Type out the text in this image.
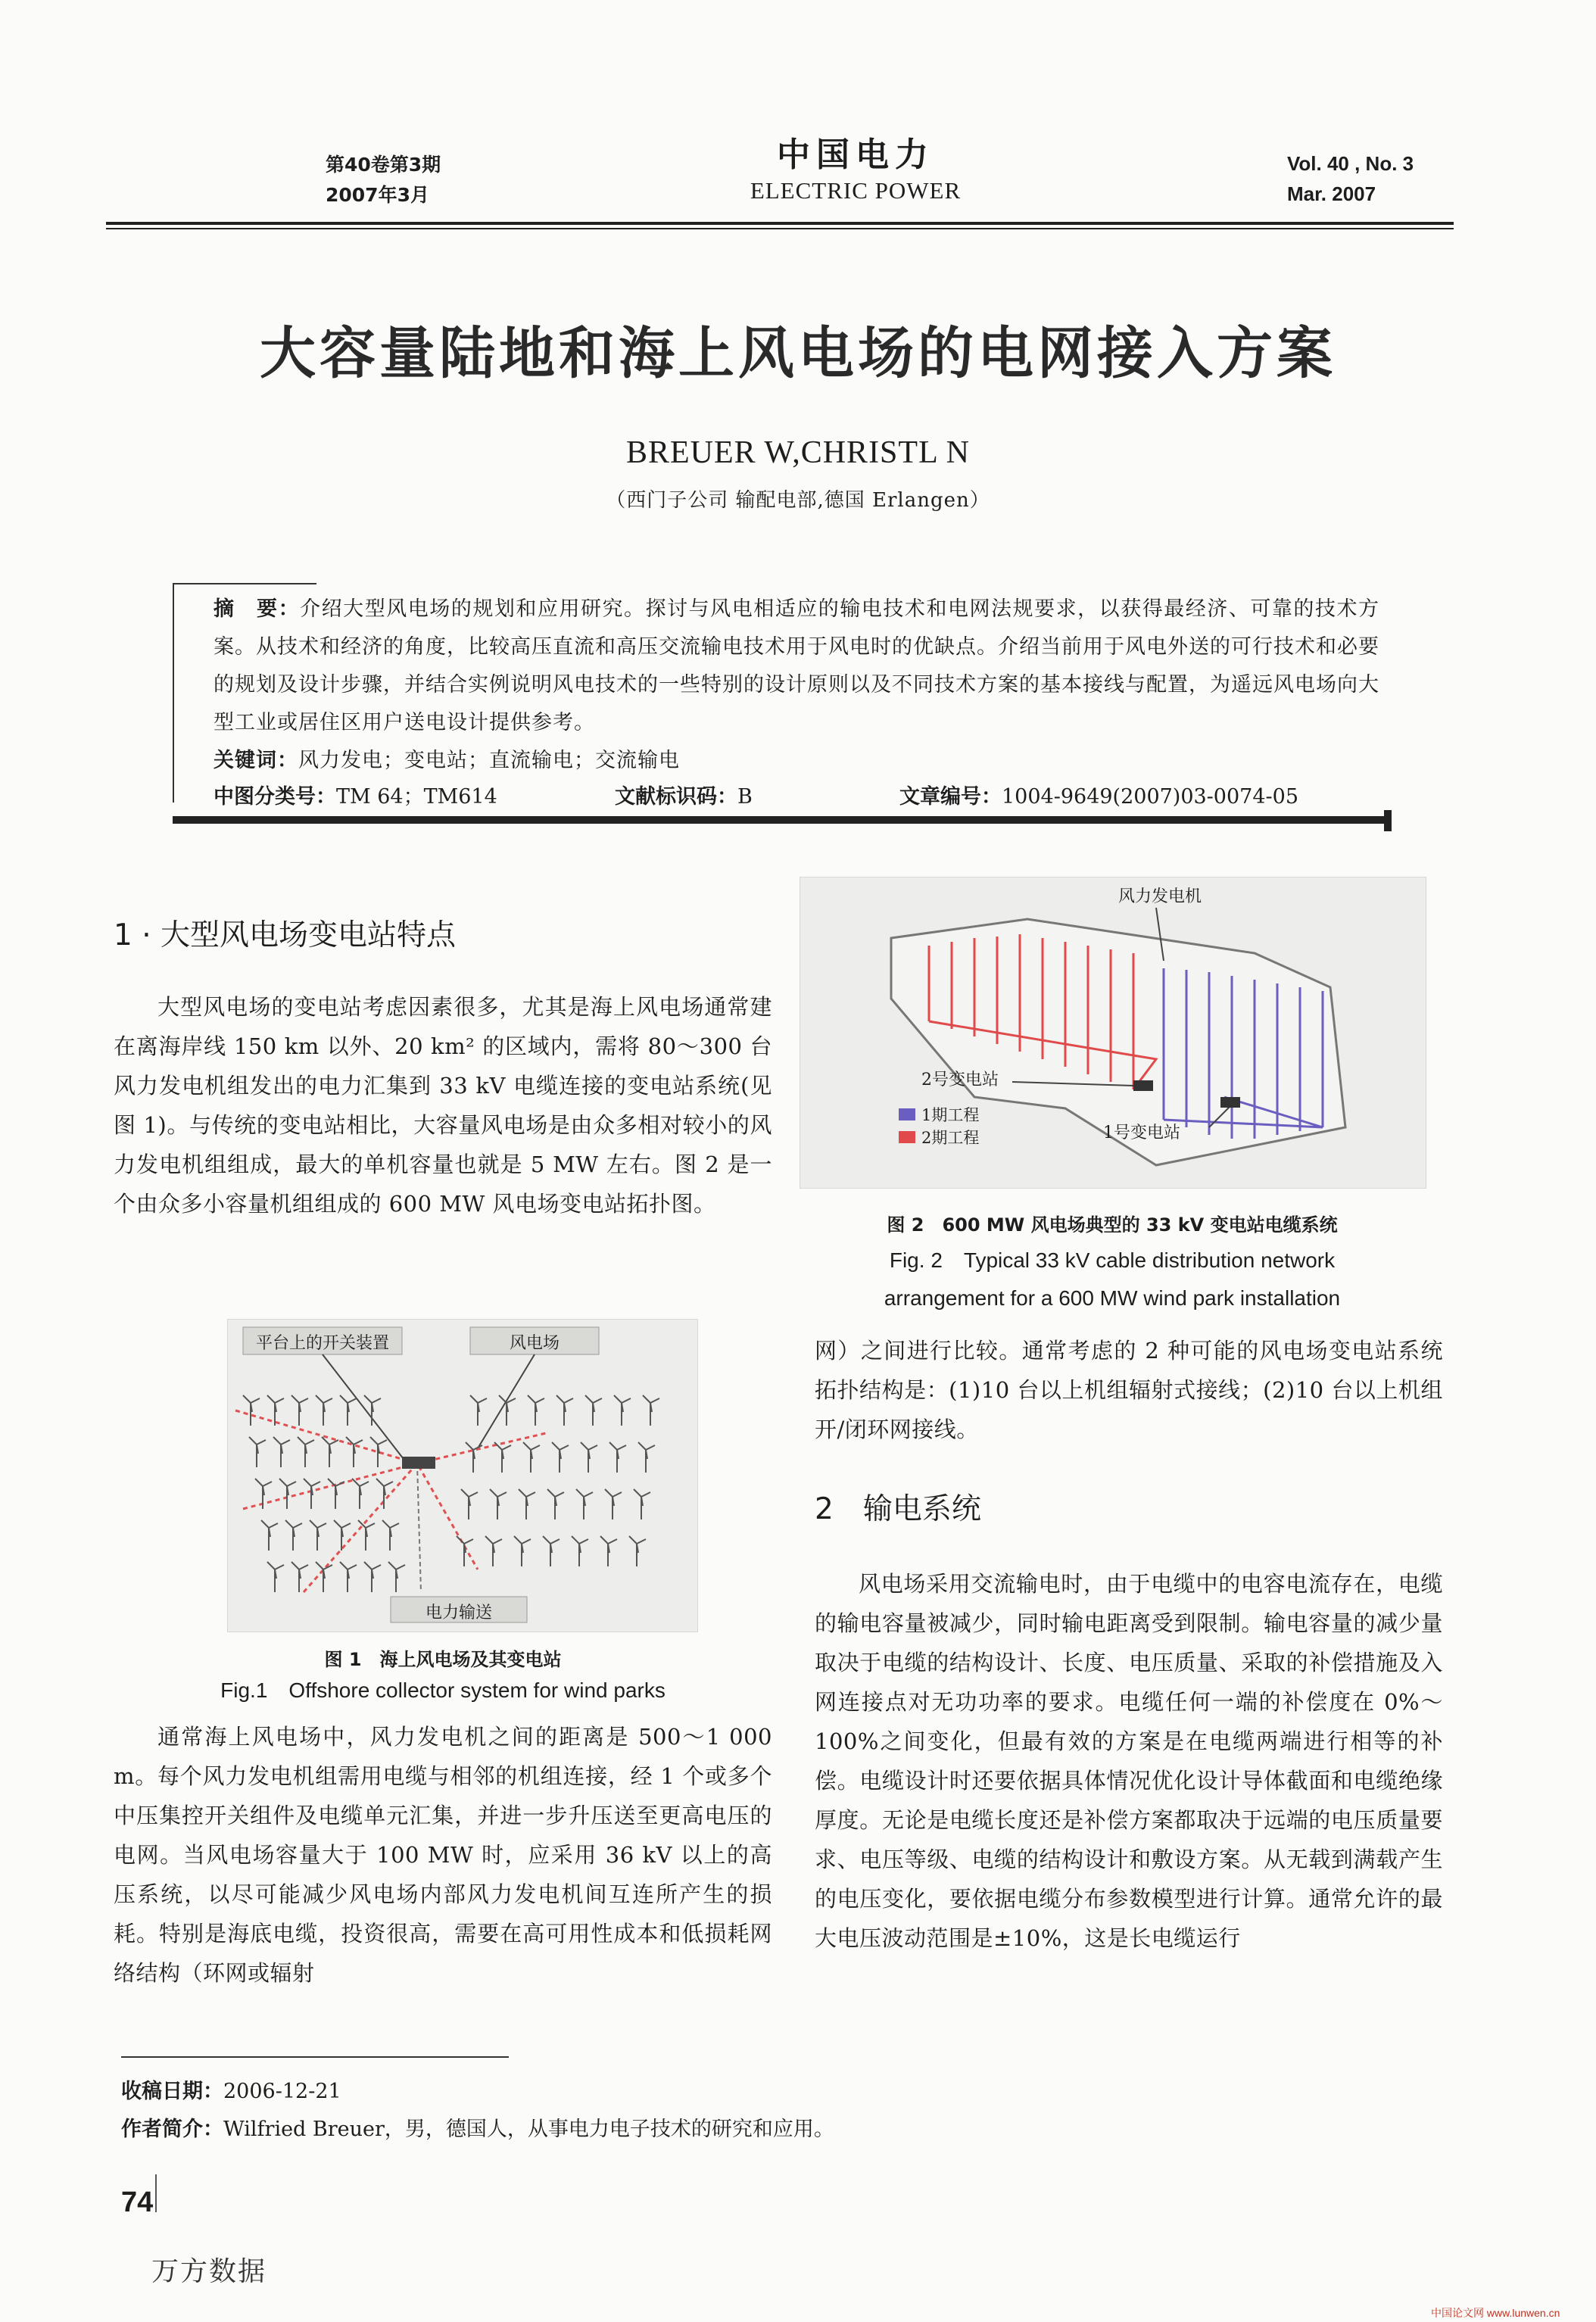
第40卷第3期
2007年3月
中国电力
ELECTRIC POWER
Vol. 40 , No. 3
Mar. 2007
大容量陆地和海上风电场的电网接入方案
BREUER W,CHRISTL N
（西门子公司 输配电部,德国 Erlangen）
摘　要：介绍大型风电场的规划和应用研究。探讨与风电相适应的输电技术和电网法规要求，以获得最经济、可靠的技术方案。从技术和经济的角度，比较高压直流和高压交流输电技术用于风电时的优缺点。介绍当前用于风电外送的可行技术和必要的规划及设计步骤，并结合实例说明风电技术的一些特别的设计原则以及不同技术方案的基本接线与配置，为遥远风电场向大型工业或居住区用户送电设计提供参考。
关键词：风力发电；变电站；直流输电；交流输电
中图分类号：TM 64；TM614	文献标识码：B	文章编号：1004-9649(2007)03-0074-05
1 · 大型风电场变电站特点
大型风电场的变电站考虑因素很多，尤其是海上风电场通常建在离海岸线 150 km 以外、20 km² 的区域内，需将 80～300 台风力发电机组发出的电力汇集到 33 kV 电缆连接的变电站系统(见图 1)。与传统的变电站相比，大容量风电场是由众多相对较小的风力发电机组组成，最大的单机容量也就是 5 MW 左右。图 2 是一个由众多小容量机组组成的 600 MW 风电场变电站拓扑图。
平台上的开关装置	风电场
电力输送
图 1　海上风电场及其变电站
Fig.1　Offshore collector system for wind parks
通常海上风电场中，风力发电机之间的距离是 500～1 000 m。每个风力发电机组需用电缆与相邻的机组连接，经 1 个或多个中压集控开关组件及电缆单元汇集，并进一步升压送至更高电压的电网。当风电场容量大于 100 MW 时，应采用 36 kV 以上的高压系统，以尽可能减少风电场内部风力发电机间互连所产生的损耗。特别是海底电缆，投资很高，需要在高可用性成本和低损耗网络结构（环网或辐射
风力发电机
2号变电站
1号变电站
1期工程
2期工程
图 2　600 MW 风电场典型的 33 kV 变电站电缆系统
Fig. 2　Typical 33 kV cable distribution network
arrangement for a 600 MW wind park installation
网）之间进行比较。通常考虑的 2 种可能的风电场变电站系统拓扑结构是：(1)10 台以上机组辐射式接线；(2)10 台以上机组开/闭环网接线。
2　输电系统
风电场采用交流输电时，由于电缆中的电容电流存在，电缆的输电容量被减少，同时输电距离受到限制。输电容量的减少量取决于电缆的结构设计、长度、电压质量、采取的补偿措施及入网连接点对无功功率的要求。电缆任何一端的补偿度在 0%～100%之间变化，但最有效的方案是在电缆两端进行相等的补偿。电缆设计时还要依据具体情况优化设计导体截面和电缆绝缘厚度。无论是电缆长度还是补偿方案都取决于远端的电压质量要求、电压等级、电缆的结构设计和敷设方案。从无载到满载产生的电压变化，要依据电缆分布参数模型进行计算。通常允许的最大电压波动范围是±10%，这是长电缆运行
收稿日期：2006-12-21
作者简介：Wilfried Breuer，男，德国人，从事电力电子技术的研究和应用。
74
万方数据
中国论文网 www.lunwen.cn
